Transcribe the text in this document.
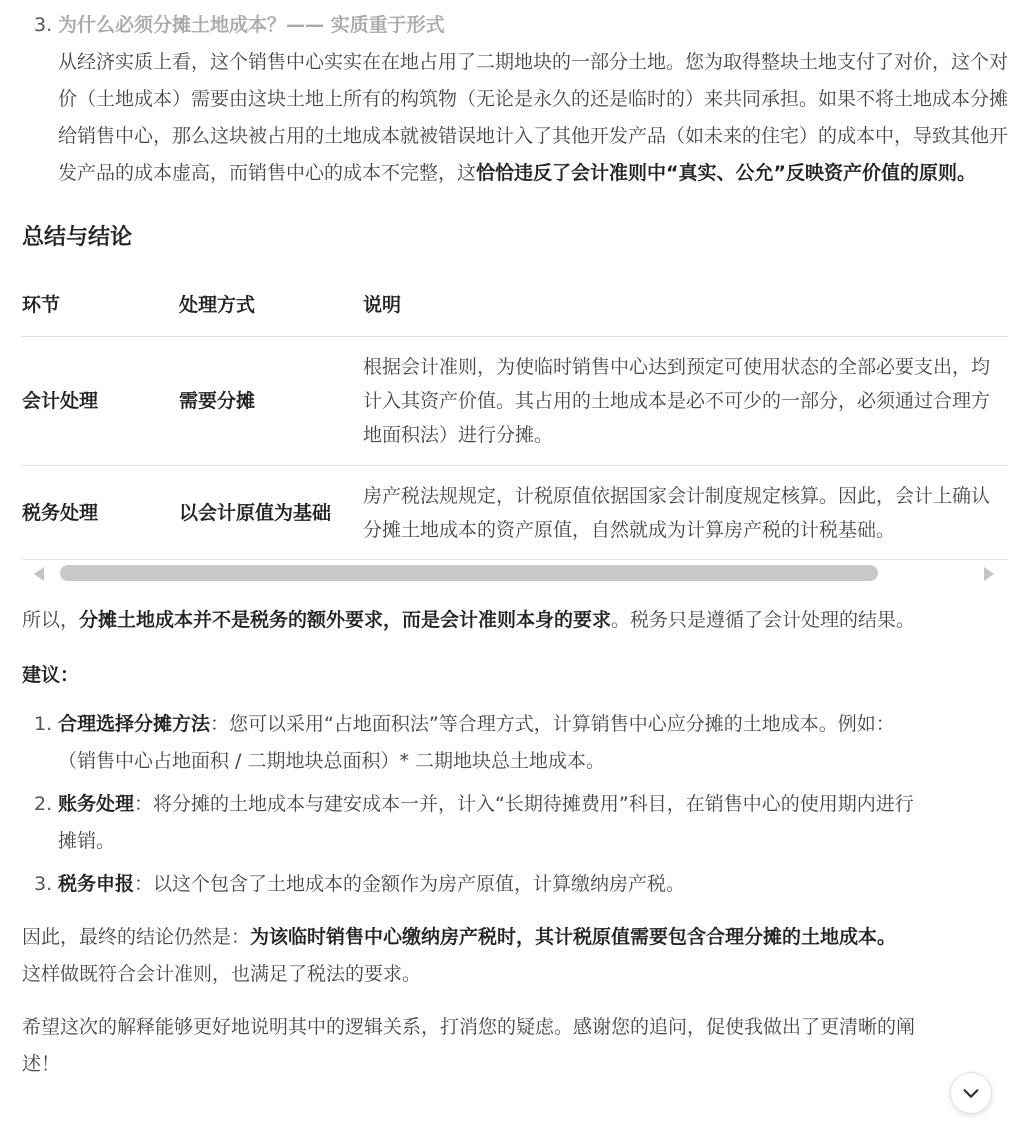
3. 为什么必须分摊土地成本？—— 实质重于形式
从经济实质上看，这个销售中心实实在在地占用了二期地块的一部分土地。您为取得整块土地支付了对价，这个对价（土地成本）需要由这块土地上所有的构筑物（无论是永久的还是临时的）来共同承担。如果不将土地成本分摊给销售中心，那么这块被占用的土地成本就被错误地计入了其他开发产品（如未来的住宅）的成本中，导致其他开发产品的成本虚高，而销售中心的成本不完整，这恰恰违反了会计准则中“真实、公允”反映资产价值的原则。
总结与结论
环节	处理方式	说明
会计处理	需要分摊	根据会计准则，为使临时销售中心达到预定可使用状态的全部必要支出，均
计入其资产价值。其占用的土地成本是必不可少的一部分，必须通过合理方
地面积法）进行分摊。

税务处理	以会计原值为基础	房产税法规规定，计税原值依据国家会计制度规定核算。因此，会计上确认
分摊土地成本的资产原值，自然就成为计算房产税的计税基础。
所以，分摊土地成本并不是税务的额外要求，而是会计准则本身的要求。税务只是遵循了会计处理的结果。
建议：
1. 合理选择分摊方法：您可以采用“占地面积法”等合理方式，计算销售中心应分摊的土地成本。例如：
（销售中心占地面积 / 二期地块总面积）* 二期地块总土地成本。
2. 账务处理：将分摊的土地成本与建安成本一并，计入“长期待摊费用”科目，在销售中心的使用期内进行
摊销。
3. 税务申报：以这个包含了土地成本的金额作为房产原值，计算缴纳房产税。
因此，最终的结论仍然是：为该临时销售中心缴纳房产税时，其计税原值需要包含合理分摊的土地成本。
这样做既符合会计准则，也满足了税法的要求。
希望这次的解释能够更好地说明其中的逻辑关系，打消您的疑虑。感谢您的追问，促使我做出了更清晰的阐
述！
